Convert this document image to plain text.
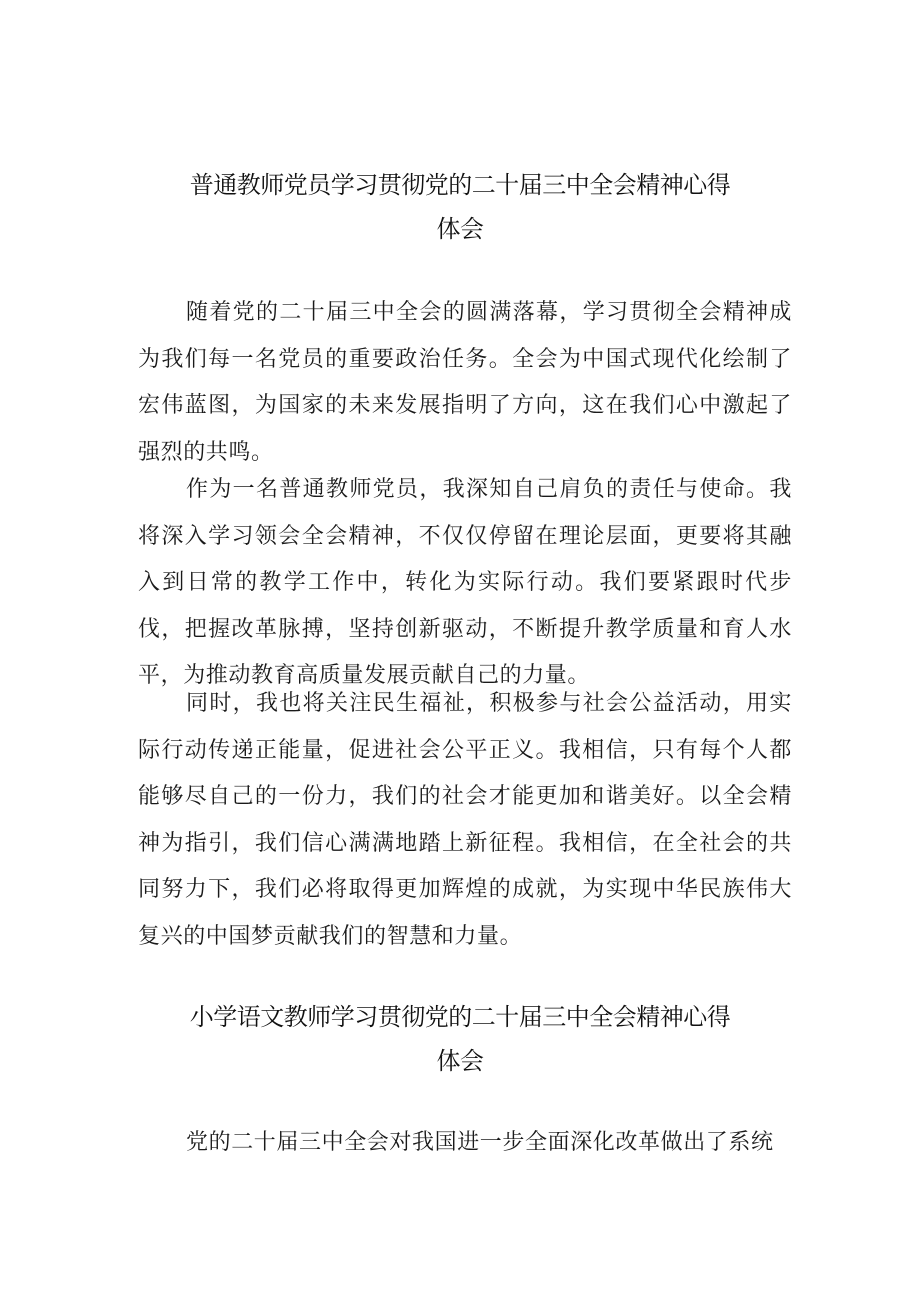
普通教师党员学习贯彻党的二十届三中全会精神心得
体会

随着党的二十届三中全会的圆满落幕，学习贯彻全会精神成为我们每一名党员的重要政治任务。全会为中国式现代化绘制了宏伟蓝图，为国家的未来发展指明了方向，这在我们心中激起了强烈的共鸣。

作为一名普通教师党员，我深知自己肩负的责任与使命。我将深入学习领会全会精神，不仅仅停留在理论层面，更要将其融入到日常的教学工作中，转化为实际行动。我们要紧跟时代步伐，把握改革脉搏，坚持创新驱动，不断提升教学质量和育人水平，为推动教育高质量发展贡献自己的力量。

同时，我也将关注民生福祉，积极参与社会公益活动，用实际行动传递正能量，促进社会公平正义。我相信，只有每个人都能够尽自己的一份力，我们的社会才能更加和谐美好。以全会精神为指引，我们信心满满地踏上新征程。我相信，在全社会的共同努力下，我们必将取得更加辉煌的成就，为实现中华民族伟大复兴的中国梦贡献我们的智慧和力量。

小学语文教师学习贯彻党的二十届三中全会精神心得
体会

党的二十届三中全会对我国进一步全面深化改革做出了系统
